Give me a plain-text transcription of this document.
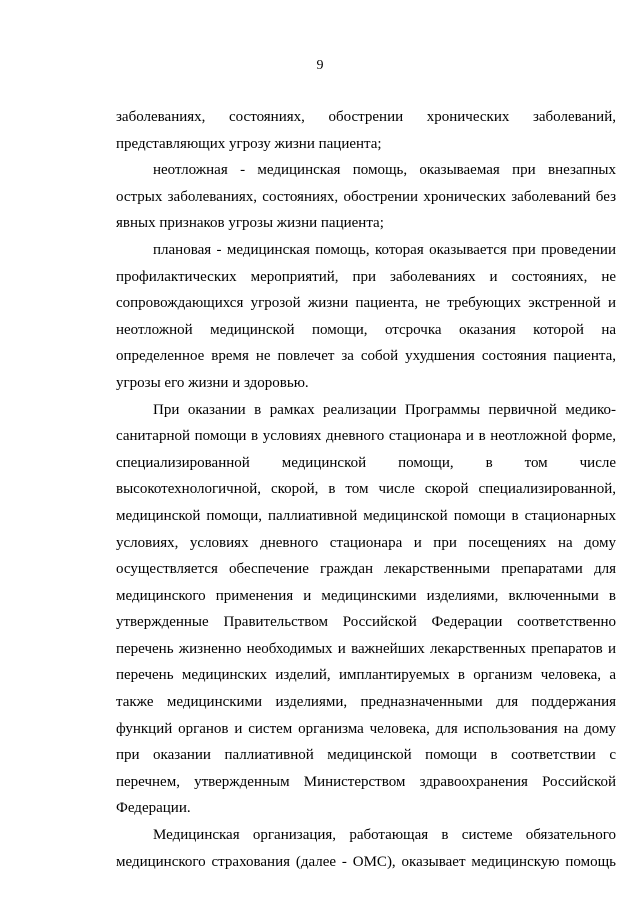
9
заболеваниях, состояниях, обострении хронических заболеваний,
представляющих угрозу жизни пациента;
неотложная - медицинская помощь, оказываемая при внезапных
острых заболеваниях, состояниях, обострении хронических заболеваний без
явных признаков угрозы жизни пациента;
плановая - медицинская помощь, которая оказывается при проведении
профилактических мероприятий, при заболеваниях и состояниях, не
сопровождающихся угрозой жизни пациента, не требующих экстренной и
неотложной медицинской помощи, отсрочка оказания которой на
определенное время не повлечет за собой ухудшения состояния пациента,
угрозы его жизни и здоровью.
При оказании в рамках реализации Программы первичной медико-
санитарной помощи в условиях дневного стационара и в неотложной форме,
специализированной медицинской помощи, в том числе
высокотехнологичной, скорой, в том числе скорой специализированной,
медицинской помощи, паллиативной медицинской помощи в стационарных
условиях, условиях дневного стационара и при посещениях на дому
осуществляется обеспечение граждан лекарственными препаратами для
медицинского применения и медицинскими изделиями, включенными в
утвержденные Правительством Российской Федерации соответственно
перечень жизненно необходимых и важнейших лекарственных препаратов и
перечень медицинских изделий, имплантируемых в организм человека, а
также медицинскими изделиями, предназначенными для поддержания
функций органов и систем организма человека, для использования на дому
при оказании паллиативной медицинской помощи в соответствии с
перечнем, утвержденным Министерством здравоохранения Российской
Федерации.
Медицинская организация, работающая в системе обязательного
медицинского страхования (далее - ОМС), оказывает медицинскую помощь
